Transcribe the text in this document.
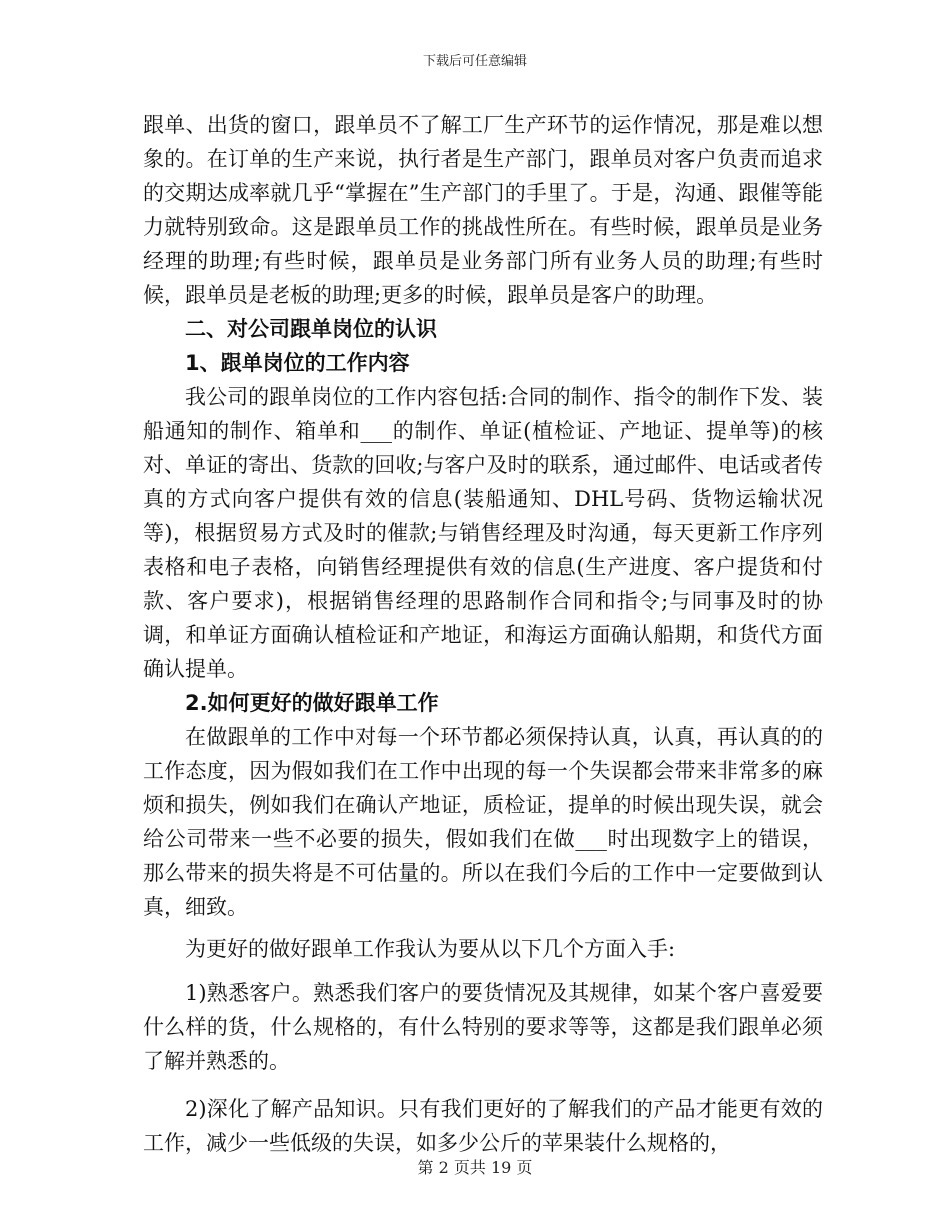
下载后可任意编辑

跟单、出货的窗口，跟单员不了解工厂生产环节的运作情况，那是难以想象的。在订单的生产来说，执行者是生产部门，跟单员对客户负责而追求的交期达成率就几乎“掌握在”生产部门的手里了。于是，沟通、跟催等能力就特别致命。这是跟单员工作的挑战性所在。有些时候，跟单员是业务经理的助理;有些时候，跟单员是业务部门所有业务人员的助理;有些时候，跟单员是老板的助理;更多的时候，跟单员是客户的助理。

二、对公司跟单岗位的认识

1、跟单岗位的工作内容

我公司的跟单岗位的工作内容包括:合同的制作、指令的制作下发、装船通知的制作、箱单和___的制作、单证(植检证、产地证、提单等)的核对、单证的寄出、货款的回收;与客户及时的联系，通过邮件、电话或者传真的方式向客户提供有效的信息(装船通知、DHL号码、货物运输状况等)，根据贸易方式及时的催款;与销售经理及时沟通，每天更新工作序列表格和电子表格，向销售经理提供有效的信息(生产进度、客户提货和付款、客户要求)，根据销售经理的思路制作合同和指令;与同事及时的协调，和单证方面确认植检证和产地证，和海运方面确认船期，和货代方面确认提单。

2.如何更好的做好跟单工作

在做跟单的工作中对每一个环节都必须保持认真，认真，再认真的的工作态度，因为假如我们在工作中出现的每一个失误都会带来非常多的麻烦和损失，例如我们在确认产地证，质检证，提单的时候出现失误，就会给公司带来一些不必要的损失，假如我们在做___时出现数字上的错误，那么带来的损失将是不可估量的。所以在我们今后的工作中一定要做到认真，细致。

为更好的做好跟单工作我认为要从以下几个方面入手:

1)熟悉客户。熟悉我们客户的要货情况及其规律，如某个客户喜爱要什么样的货，什么规格的，有什么特别的要求等等，这都是我们跟单必须了解并熟悉的。

2)深化了解产品知识。只有我们更好的了解我们的产品才能更有效的工作，减少一些低级的失误，如多少公斤的苹果装什么规格的，

第 2 页共 19 页
